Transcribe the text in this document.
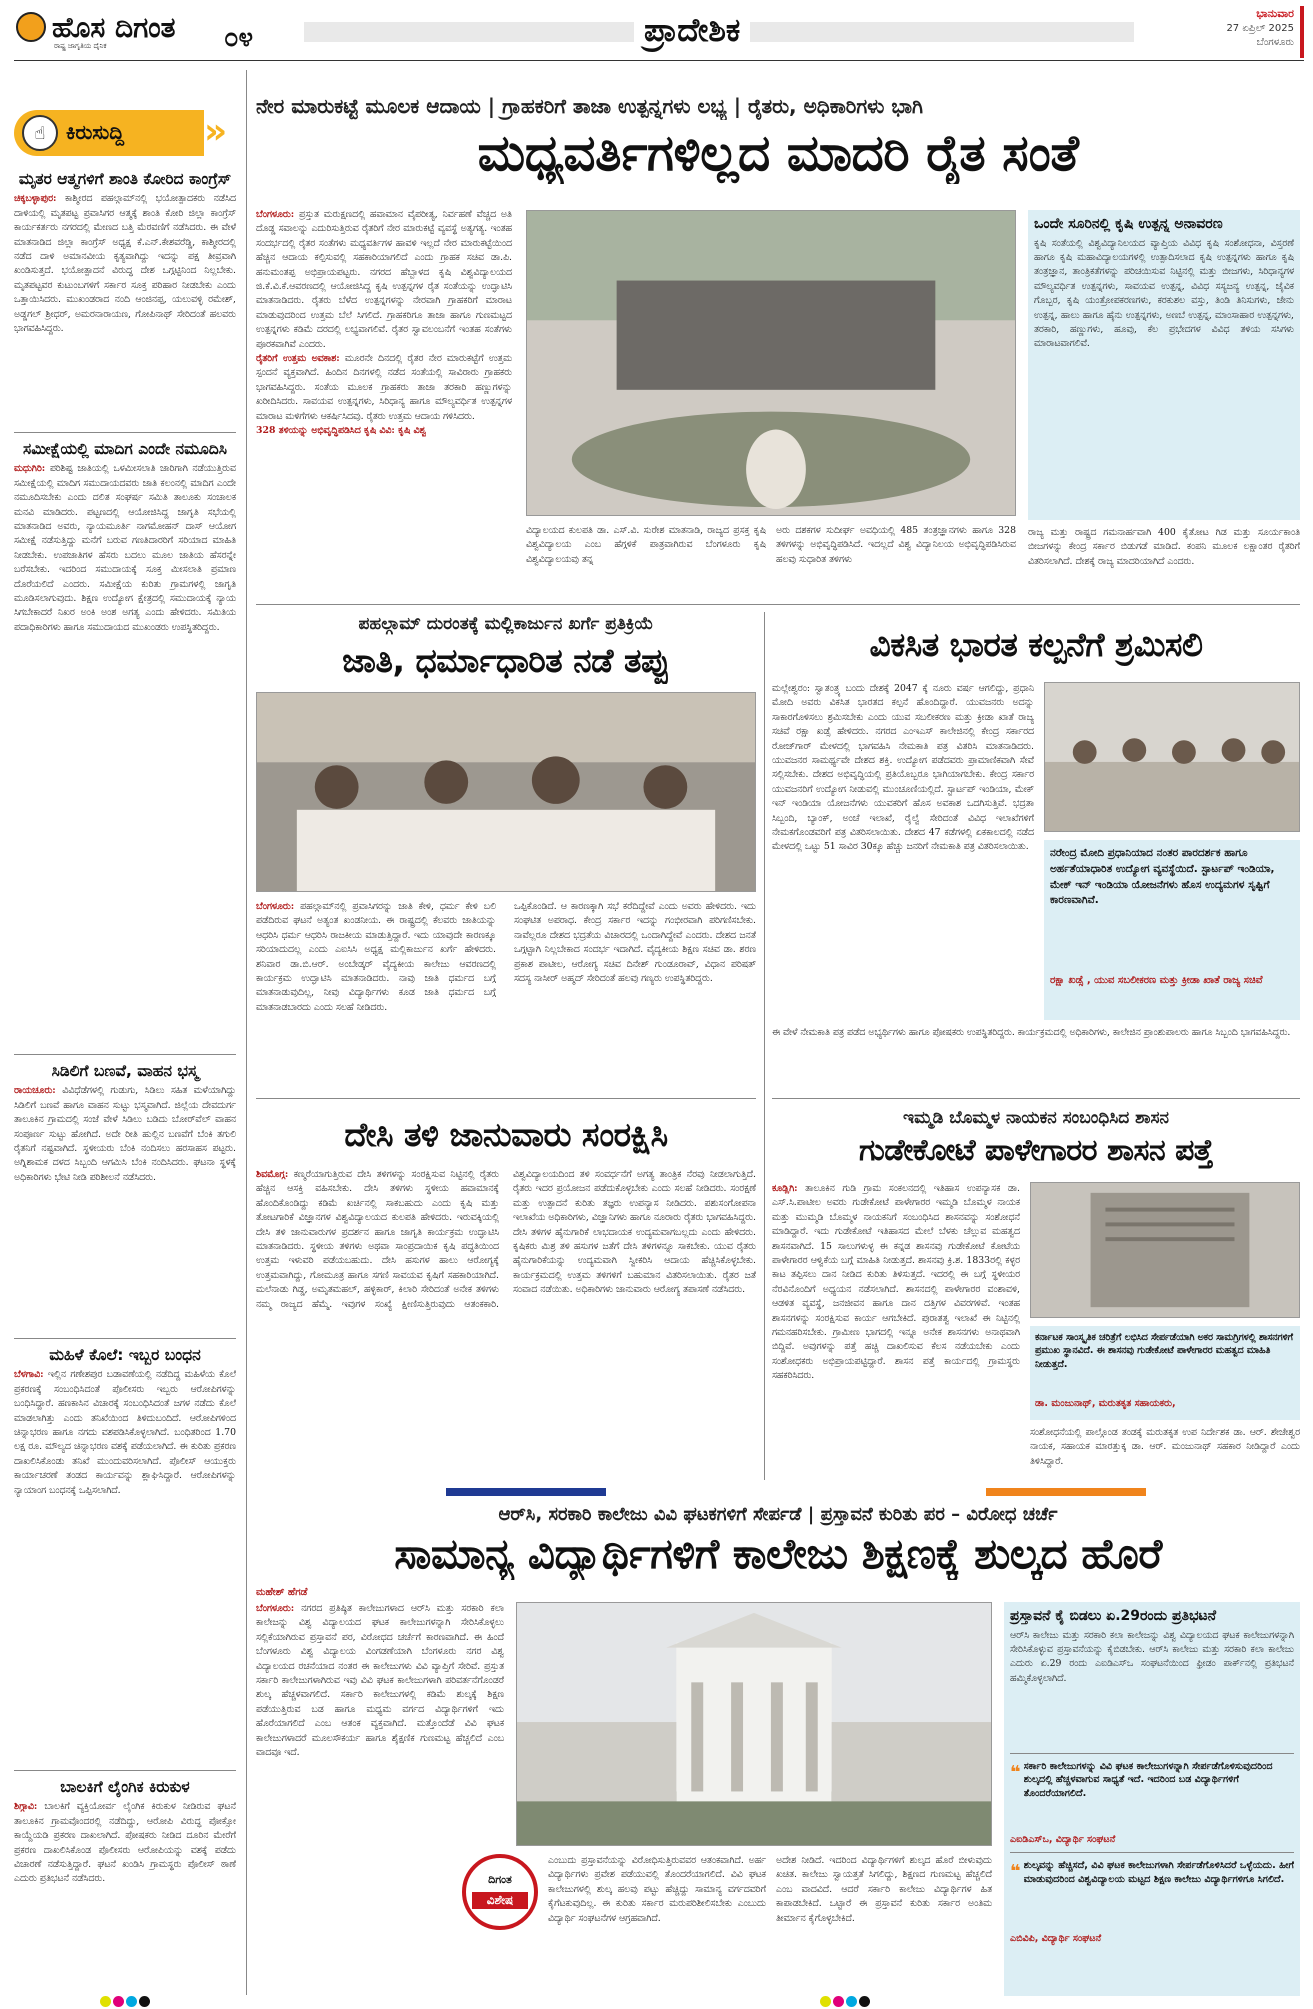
ಹೊಸ ದಿಗಂತ
ರಾಷ್ಟ್ರ ಜಾಗೃತಿಯ ದೈನಿಕ	೦೪	ಪ್ರಾದೇಶಿಕ	ಭಾನುವಾರ
27 ಏಪ್ರಿಲ್ 2025
ಬೆಂಗಳೂರು
☝	ಕಿರುಸುದ್ದಿ »
ಮೃತರ ಆತ್ಮಗಳಿಗೆ ಶಾಂತಿ ಕೋರಿದ ಕಾಂಗ್ರೆಸ್
ಚಿಕ್ಕಬಳ್ಳಾಪುರ: ಕಾಶ್ಮೀರದ ಪಹಲ್ಗಾಮ್‌ನಲ್ಲಿ ಭಯೋತ್ಪಾದಕರು ನಡೆಸಿದ ದಾಳಿಯಲ್ಲಿ ಮೃತಪಟ್ಟ ಪ್ರವಾಸಿಗರ ಆತ್ಮಕ್ಕೆ ಶಾಂತಿ ಕೋರಿ ಜಿಲ್ಲಾ ಕಾಂಗ್ರೆಸ್ ಕಾರ್ಯಕರ್ತರು ನಗರದಲ್ಲಿ ಮೇಣದ ಬತ್ತಿ ಮೆರವಣಿಗೆ ನಡೆಸಿದರು. ಈ ವೇಳೆ ಮಾತನಾಡಿದ ಜಿಲ್ಲಾ ಕಾಂಗ್ರೆಸ್ ಅಧ್ಯಕ್ಷ ಕೆ.ಎನ್.ಕೇಶವರೆಡ್ಡಿ, ಕಾಶ್ಮೀರದಲ್ಲಿ ನಡೆದ ದಾಳಿ ಅಮಾನವೀಯ ಕೃತ್ಯವಾಗಿದ್ದು ಇದನ್ನು ಪಕ್ಷ ತೀವ್ರವಾಗಿ ಖಂಡಿಸುತ್ತದೆ. ಭಯೋತ್ಪಾದನೆ ವಿರುದ್ಧ ದೇಶ ಒಗ್ಗಟ್ಟಿನಿಂದ ನಿಲ್ಲಬೇಕು. ಮೃತಪಟ್ಟವರ ಕುಟುಂಬಗಳಿಗೆ ಸರ್ಕಾರ ಸೂಕ್ತ ಪರಿಹಾರ ನೀಡಬೇಕು ಎಂದು ಒತ್ತಾಯಿಸಿದರು. ಮುಖಂಡರಾದ ನಂದಿ ಆಂಜಿನಪ್ಪ, ಯಲುವಳ್ಳಿ ರಮೇಶ್, ಅಡ್ಡಗಲ್ ಶ್ರೀಧರ್, ಅಮರನಾರಾಯಣ, ಗೋಪಿನಾಥ್ ಸೇರಿದಂತೆ ಹಲವರು ಭಾಗವಹಿಸಿದ್ದರು.
ಸಮೀಕ್ಷೆಯಲ್ಲಿ ಮಾದಿಗ ಎಂದೇ ನಮೂದಿಸಿ
ಮಧುಗಿರಿ: ಪರಿಶಿಷ್ಟ ಜಾತಿಯಲ್ಲಿ ಒಳಮೀಸಲಾತಿ ಜಾರಿಗಾಗಿ ನಡೆಯುತ್ತಿರುವ ಸಮೀಕ್ಷೆಯಲ್ಲಿ ಮಾದಿಗ ಸಮುದಾಯದವರು ಜಾತಿ ಕಲಂನಲ್ಲಿ ಮಾದಿಗ ಎಂದೇ ನಮೂದಿಸಬೇಕು ಎಂದು ದಲಿತ ಸಂಘರ್ಷ ಸಮಿತಿ ತಾಲೂಕು ಸಂಚಾಲಕ ಮನವಿ ಮಾಡಿದರು. ಪಟ್ಟಣದಲ್ಲಿ ಆಯೋಜಿಸಿದ್ದ ಜಾಗೃತಿ ಸಭೆಯಲ್ಲಿ ಮಾತನಾಡಿದ ಅವರು, ನ್ಯಾಯಮೂರ್ತಿ ನಾಗಮೋಹನ್ ದಾಸ್ ಆಯೋಗ ಸಮೀಕ್ಷೆ ನಡೆಸುತ್ತಿದ್ದು ಮನೆಗೆ ಬರುವ ಗಣತಿದಾರರಿಗೆ ಸರಿಯಾದ ಮಾಹಿತಿ ನೀಡಬೇಕು. ಉಪಜಾತಿಗಳ ಹೆಸರು ಬದಲು ಮೂಲ ಜಾತಿಯ ಹೆಸರನ್ನೇ ಬರೆಸಬೇಕು. ಇದರಿಂದ ಸಮುದಾಯಕ್ಕೆ ಸೂಕ್ತ ಮೀಸಲಾತಿ ಪ್ರಮಾಣ ದೊರೆಯಲಿದೆ ಎಂದರು. ಸಮೀಕ್ಷೆಯ ಕುರಿತು ಗ್ರಾಮಗಳಲ್ಲಿ ಜಾಗೃತಿ ಮೂಡಿಸಲಾಗುವುದು. ಶಿಕ್ಷಣ ಉದ್ಯೋಗ ಕ್ಷೇತ್ರದಲ್ಲಿ ಸಮುದಾಯಕ್ಕೆ ನ್ಯಾಯ ಸಿಗಬೇಕಾದರೆ ನಿಖರ ಅಂಕಿ ಅಂಶ ಅಗತ್ಯ ಎಂದು ಹೇಳಿದರು. ಸಮಿತಿಯ ಪದಾಧಿಕಾರಿಗಳು ಹಾಗೂ ಸಮುದಾಯದ ಮುಖಂಡರು ಉಪಸ್ಥಿತರಿದ್ದರು.
ಸಿಡಿಲಿಗೆ ಬಣವೆ, ವಾಹನ ಭಸ್ಮ
ರಾಯಚೂರು: ವಿವಿಧೆಡೆಗಳಲ್ಲಿ ಗುಡುಗು, ಸಿಡಿಲು ಸಹಿತ ಮಳೆಯಾಗಿದ್ದು ಸಿಡಿಲಿಗೆ ಬಣವೆ ಹಾಗೂ ವಾಹನ ಸುಟ್ಟು ಭಸ್ಮವಾಗಿದೆ. ಜಿಲ್ಲೆಯ ದೇವದುರ್ಗ ತಾಲೂಕಿನ ಗ್ರಾಮದಲ್ಲಿ ಸಂಜೆ ವೇಳೆ ಸಿಡಿಲು ಬಡಿದು ಬೋರ್‌ವೆಲ್ ವಾಹನ ಸಂಪೂರ್ಣ ಸುಟ್ಟು ಹೋಗಿದೆ. ಅದೇ ರೀತಿ ಹುಲ್ಲಿನ ಬಣವೆಗೆ ಬೆಂಕಿ ತಗುಲಿ ರೈತನಿಗೆ ನಷ್ಟವಾಗಿದೆ. ಸ್ಥಳೀಯರು ಬೆಂಕಿ ನಂದಿಸಲು ಹರಸಾಹಸ ಪಟ್ಟರು. ಅಗ್ನಿಶಾಮಕ ದಳದ ಸಿಬ್ಬಂದಿ ಆಗಮಿಸಿ ಬೆಂಕಿ ನಂದಿಸಿದರು. ಘಟನಾ ಸ್ಥಳಕ್ಕೆ ಅಧಿಕಾರಿಗಳು ಭೇಟಿ ನೀಡಿ ಪರಿಶೀಲನೆ ನಡೆಸಿದರು.
ಮಹಿಳೆ ಕೊಲೆ: ಇಬ್ಬರ ಬಂಧನ
ಬೆಳಗಾವಿ: ಇಲ್ಲಿನ ಗಣೇಶಪುರ ಬಡಾವಣೆಯಲ್ಲಿ ನಡೆದಿದ್ದ ಮಹಿಳೆಯ ಕೊಲೆ ಪ್ರಕರಣಕ್ಕೆ ಸಂಬಂಧಿಸಿದಂತೆ ಪೊಲೀಸರು ಇಬ್ಬರು ಆರೋಪಿಗಳನ್ನು ಬಂಧಿಸಿದ್ದಾರೆ. ಹಣಕಾಸಿನ ವಿಚಾರಕ್ಕೆ ಸಂಬಂಧಿಸಿದಂತೆ ಜಗಳ ನಡೆದು ಕೊಲೆ ಮಾಡಲಾಗಿತ್ತು ಎಂದು ತನಿಖೆಯಿಂದ ತಿಳಿದುಬಂದಿದೆ. ಆರೋಪಿಗಳಿಂದ ಚಿನ್ನಾಭರಣ ಹಾಗೂ ನಗದು ವಶಪಡಿಸಿಕೊಳ್ಳಲಾಗಿದೆ. ಬಂಧಿತರಿಂದ 1.70 ಲಕ್ಷ ರೂ. ಮೌಲ್ಯದ ಚಿನ್ನಾಭರಣ ವಶಕ್ಕೆ ಪಡೆಯಲಾಗಿದೆ. ಈ ಕುರಿತು ಪ್ರಕರಣ ದಾಖಲಿಸಿಕೊಂಡು ತನಿಖೆ ಮುಂದುವರಿಸಲಾಗಿದೆ. ಪೊಲೀಸ್ ಆಯುಕ್ತರು ಕಾರ್ಯಾಚರಣೆ ತಂಡದ ಕಾರ್ಯವನ್ನು ಶ್ಲಾಘಿಸಿದ್ದಾರೆ. ಆರೋಪಿಗಳನ್ನು ನ್ಯಾಯಾಂಗ ಬಂಧನಕ್ಕೆ ಒಪ್ಪಿಸಲಾಗಿದೆ.
ಬಾಲಕಿಗೆ ಲೈಂಗಿಕ ಕಿರುಕುಳ
ಶಿಗ್ಗಾವಿ: ಬಾಲಕಿಗೆ ವ್ಯಕ್ತಿಯೋರ್ವ ಲೈಂಗಿಕ ಕಿರುಕುಳ ನೀಡಿರುವ ಘಟನೆ ತಾಲೂಕಿನ ಗ್ರಾಮವೊಂದರಲ್ಲಿ ನಡೆದಿದ್ದು, ಆರೋಪಿ ವಿರುದ್ಧ ಪೋಕ್ಸೋ ಕಾಯ್ದೆಯಡಿ ಪ್ರಕರಣ ದಾಖಲಾಗಿದೆ. ಪೋಷಕರು ನೀಡಿದ ದೂರಿನ ಮೇರೆಗೆ ಪ್ರಕರಣ ದಾಖಲಿಸಿಕೊಂಡ ಪೊಲೀಸರು ಆರೋಪಿಯನ್ನು ವಶಕ್ಕೆ ಪಡೆದು ವಿಚಾರಣೆ ನಡೆಸುತ್ತಿದ್ದಾರೆ. ಘಟನೆ ಖಂಡಿಸಿ ಗ್ರಾಮಸ್ಥರು ಪೊಲೀಸ್ ಠಾಣೆ ಎದುರು ಪ್ರತಿಭಟನೆ ನಡೆಸಿದರು.
ನೇರ ಮಾರುಕಟ್ಟೆ ಮೂಲಕ ಆದಾಯ | ಗ್ರಾಹಕರಿಗೆ ತಾಜಾ ಉತ್ಪನ್ನಗಳು ಲಭ್ಯ | ರೈತರು, ಅಧಿಕಾರಿಗಳು ಭಾಗಿ
ಮಧ್ಯವರ್ತಿಗಳಿಲ್ಲದ ಮಾದರಿ ರೈತ ಸಂತೆ
ಬೆಂಗಳೂರು: ಪ್ರಸ್ತುತ ಮರುಕ್ಷಣದಲ್ಲಿ ಹವಾಮಾನ ವೈಪರೀತ್ಯ, ನಿರ್ವಹಣೆ ವೆಚ್ಚದ ಅತಿ ದೊಡ್ಡ ಸವಾಲನ್ನು ಎದುರಿಸುತ್ತಿರುವ ರೈತರಿಗೆ ನೇರ ಮಾರುಕಟ್ಟೆ ವ್ಯವಸ್ಥೆ ಅತ್ಯಗತ್ಯ. ಇಂತಹ ಸಂದರ್ಭದಲ್ಲಿ ರೈತರ ಸಂತೆಗಳು ಮಧ್ಯವರ್ತಿಗಳ ಹಾವಳಿ ಇಲ್ಲದೆ ನೇರ ಮಾರುಕಟ್ಟೆಯಿಂದ ಹೆಚ್ಚಿನ ಆದಾಯ ಕಲ್ಪಿಸುವಲ್ಲಿ ಸಹಕಾರಿಯಾಗಲಿದೆ ಎಂದು ಗ್ರಾಹಕ ಸಚಿವ ಡಾ.ಪಿ. ಹನುಮಂತಪ್ಪ ಅಭಿಪ್ರಾಯಪಟ್ಟರು. ನಗರದ ಹೆಬ್ಬಾಳದ ಕೃಷಿ ವಿಶ್ವವಿದ್ಯಾಲಯದ ಜಿ.ಕೆ.ವಿ.ಕೆ.ಆವರಣದಲ್ಲಿ ಆಯೋಜಿಸಿದ್ದ ಕೃಷಿ ಉತ್ಪನ್ನಗಳ ರೈತ ಸಂತೆಯನ್ನು ಉದ್ಘಾಟಿಸಿ ಮಾತನಾಡಿದರು. ರೈತರು ಬೆಳೆದ ಉತ್ಪನ್ನಗಳನ್ನು ನೇರವಾಗಿ ಗ್ರಾಹಕರಿಗೆ ಮಾರಾಟ ಮಾಡುವುದರಿಂದ ಉತ್ತಮ ಬೆಲೆ ಸಿಗಲಿದೆ. ಗ್ರಾಹಕರಿಗೂ ತಾಜಾ ಹಾಗೂ ಗುಣಮಟ್ಟದ ಉತ್ಪನ್ನಗಳು ಕಡಿಮೆ ದರದಲ್ಲಿ ಲಭ್ಯವಾಗಲಿವೆ. ರೈತರ ಸ್ವಾವಲಂಬನೆಗೆ ಇಂತಹ ಸಂತೆಗಳು ಪೂರಕವಾಗಿವೆ ಎಂದರು.
ರೈತರಿಗೆ ಉತ್ತಮ ಅವಕಾಶ: ಮೂರನೇ ದಿನದಲ್ಲಿ ರೈತರ ನೇರ ಮಾರುಕಟ್ಟೆಗೆ ಉತ್ತಮ ಸ್ಪಂದನೆ ವ್ಯಕ್ತವಾಗಿದೆ. ಹಿಂದಿನ ದಿನಗಳಲ್ಲಿ ನಡೆದ ಸಂತೆಯಲ್ಲಿ ಸಾವಿರಾರು ಗ್ರಾಹಕರು ಭಾಗವಹಿಸಿದ್ದರು. ಸಂತೆಯ ಮೂಲಕ ಗ್ರಾಹಕರು ತಾಜಾ ತರಕಾರಿ ಹಣ್ಣುಗಳನ್ನು ಖರೀದಿಸಿದರು. ಸಾವಯವ ಉತ್ಪನ್ನಗಳು, ಸಿರಿಧಾನ್ಯ ಹಾಗೂ ಮೌಲ್ಯವರ್ಧಿತ ಉತ್ಪನ್ನಗಳ ಮಾರಾಟ ಮಳಿಗೆಗಳು ಆಕರ್ಷಿಸಿದವು. ರೈತರು ಉತ್ತಮ ಆದಾಯ ಗಳಿಸಿದರು.
328 ತಳಿಯನ್ನು ಅಭಿವೃದ್ಧಿಪಡಿಸಿದ ಕೃಷಿ ವಿವಿ: ಕೃಷಿ ವಿಶ್ವ
ವಿದ್ಯಾಲಯದ ಕುಲಪತಿ ಡಾ. ಎಸ್.ವಿ. ಸುರೇಶ ಮಾತನಾಡಿ, ರಾಜ್ಯದ ಪ್ರಸಕ್ತ ಕೃಷಿ ವಿಶ್ವವಿದ್ಯಾಲಯ ಎಂಬ ಹೆಗ್ಗಳಿಕೆ ಪಾತ್ರವಾಗಿರುವ ಬೆಂಗಳೂರು ಕೃಷಿ ವಿಶ್ವವಿದ್ಯಾಲಯವು ತನ್ನ
ಅರು ದಶಕಗಳ ಸುದೀರ್ಘ ಅವಧಿಯಲ್ಲಿ 485 ತಂತ್ರಜ್ಞಾನಗಳು ಹಾಗೂ 328 ತಳಿಗಳನ್ನು ಅಭಿವೃದ್ಧಿಪಡಿಸಿದೆ. ಇದಲ್ಲದೆ ವಿಶ್ವ ವಿದ್ಯಾನಿಲಯ ಅಭಿವೃದ್ಧಿಪಡಿಸಿರುವ ಹಲವು ಸುಧಾರಿತ ತಳಿಗಳು
ಒಂದೇ ಸೂರಿನಲ್ಲಿ ಕೃಷಿ ಉತ್ಪನ್ನ ಅನಾವರಣ
ಕೃಷಿ ಸಂತೆಯಲ್ಲಿ ವಿಶ್ವವಿದ್ಯಾನಿಲಯದ ವ್ಯಾಪ್ತಿಯ ವಿವಿಧ ಕೃಷಿ ಸಂಶೋಧನಾ, ವಿಸ್ತರಣೆ ಹಾಗೂ ಕೃಷಿ ಮಹಾವಿದ್ಯಾಲಯಗಳಲ್ಲಿ ಉತ್ಪಾದಿಸಲಾದ ಕೃಷಿ ಉತ್ಪನ್ನಗಳು ಹಾಗೂ ಕೃಷಿ ತಂತ್ರಜ್ಞಾನ, ತಾಂತ್ರಿಕತೆಗಳನ್ನು ಪರಿಚಯಿಸುವ ನಿಟ್ಟಿನಲ್ಲಿ ಮತ್ತು ಬೀಜಗಳು, ಸಿರಿಧಾನ್ಯಗಳ ಮೌಲ್ಯವರ್ಧಿತ ಉತ್ಪನ್ನಗಳು, ಸಾವಯವ ಉತ್ಪನ್ನ, ವಿವಿಧ ಸಸ್ಯಜನ್ಯ ಉತ್ಪನ್ನ, ಜೈವಿಕ ಗೊಬ್ಬರ, ಕೃಷಿ ಯಂತ್ರೋಪಕರಣಗಳು, ಕರಕುಶಲ ವಸ್ತು, ತಿಂಡಿ ತಿನಿಸುಗಳು, ಜೇನು ಉತ್ಪನ್ನ, ಹಾಲು ಹಾಗೂ ಹೈನು ಉತ್ಪನ್ನಗಳು, ಅಣಬೆ ಉತ್ಪನ್ನ, ಮಾಂಸಾಹಾರ ಉತ್ಪನ್ನಗಳು, ತರಕಾರಿ, ಹಣ್ಣುಗಳು, ಹೂವು, ಕೆಲ ಪ್ರಭೇದಗಳ ವಿವಿಧ ತಳಿಯ ಸಸಿಗಳು ಮಾರಾಟವಾಗಲಿವೆ.
ರಾಜ್ಯ ಮತ್ತು ರಾಷ್ಟ್ರದ ಗಮನಾರ್ಹವಾಗಿ 400 ಕೈತೋಟ ಗಿಡ ಮತ್ತು ಸೂರ್ಯಕಾಂತಿ ಬೀಜಗಳನ್ನು ಕೇಂದ್ರ ಸರ್ಕಾರ ಬಿಡುಗಡೆ ಮಾಡಿದೆ. ಕಂಪನಿ ಮೂಲಕ ಲಕ್ಷಾಂತರ ರೈತರಿಗೆ ವಿತರಿಸಲಾಗಿದೆ. ದೇಶಕ್ಕೆ ರಾಜ್ಯ ಮಾದರಿಯಾಗಿದೆ ಎಂದರು.
ಪಹಲ್ಗಾಮ್ ದುರಂತಕ್ಕೆ ಮಲ್ಲಿಕಾರ್ಜುನ ಖರ್ಗೆ ಪ್ರತಿಕ್ರಿಯೆ
ಜಾತಿ, ಧರ್ಮಾಧಾರಿತ ನಡೆ ತಪ್ಪು
ಬೆಂಗಳೂರು: ಪಹಲ್ಗಾಮ್‌ನಲ್ಲಿ ಪ್ರವಾಸಿಗರನ್ನು ಜಾತಿ ಕೇಳಿ, ಧರ್ಮ ಕೇಳಿ ಬಲಿ ಪಡೆದಿರುವ ಘಟನೆ ಅತ್ಯಂತ ಖಂಡನೀಯ. ಈ ರಾಷ್ಟ್ರದಲ್ಲಿ ಕೆಲವರು ಜಾತಿಯನ್ನು ಆಧರಿಸಿ ಧರ್ಮ ಆಧರಿಸಿ ರಾಜಕೀಯ ಮಾಡುತ್ತಿದ್ದಾರೆ. ಇದು ಯಾವುದೇ ಕಾರಣಕ್ಕೂ ಸರಿಯಾದುದಲ್ಲ ಎಂದು ಎಐಸಿಸಿ ಅಧ್ಯಕ್ಷ ಮಲ್ಲಿಕಾರ್ಜುನ ಖರ್ಗೆ ಹೇಳಿದರು. ಶನಿವಾರ ಡಾ.ಬಿ.ಆರ್. ಅಂಬೇಡ್ಕರ್ ವೈದ್ಯಕೀಯ ಕಾಲೇಜು ಆವರಣದಲ್ಲಿ ಕಾರ್ಯಕ್ರಮ ಉದ್ಘಾಟಿಸಿ ಮಾತನಾಡಿದರು. ನಾವು ಜಾತಿ ಧರ್ಮದ ಬಗ್ಗೆ ಮಾತನಾಡುವುದಿಲ್ಲ, ನೀವು ವಿದ್ಯಾರ್ಥಿಗಳು ಕೂಡ ಜಾತಿ ಧರ್ಮದ ಬಗ್ಗೆ ಮಾತನಾಡಬಾರದು ಎಂದು ಸಲಹೆ ನೀಡಿದರು.
ಒಪ್ಪಿಕೊಂಡಿದೆ. ಆ ಕಾರಣಕ್ಕಾಗಿ ಸಭೆ ಕರೆದಿದ್ದೇವೆ ಎಂದು ಅವರು ಹೇಳಿದರು. ಇದು ಸಂಘಟಿತ ಅಪರಾಧ. ಕೇಂದ್ರ ಸರ್ಕಾರ ಇದನ್ನು ಗಂಭೀರವಾಗಿ ಪರಿಗಣಿಸಬೇಕು. ನಾವೆಲ್ಲರೂ ದೇಶದ ಭದ್ರತೆಯ ವಿಚಾರದಲ್ಲಿ ಒಂದಾಗಿದ್ದೇವೆ ಎಂದರು. ದೇಶದ ಜನತೆ ಒಗ್ಗಟ್ಟಾಗಿ ನಿಲ್ಲಬೇಕಾದ ಸಂದರ್ಭ ಇದಾಗಿದೆ. ವೈದ್ಯಕೀಯ ಶಿಕ್ಷಣ ಸಚಿವ ಡಾ. ಶರಣ ಪ್ರಕಾಶ ಪಾಟೀಲ, ಆರೋಗ್ಯ ಸಚಿವ ದಿನೇಶ್ ಗುಂಡೂರಾವ್, ವಿಧಾನ ಪರಿಷತ್ ಸದಸ್ಯ ನಾಸೀರ್ ಅಹ್ಮದ್ ಸೇರಿದಂತೆ ಹಲವು ಗಣ್ಯರು ಉಪಸ್ಥಿತರಿದ್ದರು.
ವಿಕಸಿತ ಭಾರತ ಕಲ್ಪನೆಗೆ ಶ್ರಮಿಸಲಿ
ಮಲ್ಲೇಶ್ವರಂ: ಸ್ವಾತಂತ್ರ್ಯ ಬಂದು ದೇಶಕ್ಕೆ 2047 ಕ್ಕೆ ನೂರು ವರ್ಷ ಆಗಲಿದ್ದು, ಪ್ರಧಾನಿ ಮೋದಿ ಅವರು ವಿಕಸಿತ ಭಾರತದ ಕಲ್ಪನೆ ಹೊಂದಿದ್ದಾರೆ. ಯುವಜನರು ಅದನ್ನು ಸಾಕಾರಗೊಳಿಸಲು ಶ್ರಮಿಸಬೇಕು ಎಂದು ಯುವ ಸಬಲೀಕರಣ ಮತ್ತು ಕ್ರೀಡಾ ಖಾತೆ ರಾಜ್ಯ ಸಚಿವೆ ರಕ್ಷಾ ಖಡ್ಸೆ ಹೇಳಿದರು. ನಗರದ ಎಂಇಎಸ್ ಕಾಲೇಜಿನಲ್ಲಿ ಕೇಂದ್ರ ಸರ್ಕಾರದ ರೋಜ್‌ಗಾರ್ ಮೇಳದಲ್ಲಿ ಭಾಗವಹಿಸಿ ನೇಮಕಾತಿ ಪತ್ರ ವಿತರಿಸಿ ಮಾತನಾಡಿದರು. ಯುವಜನರ ಸಾಮರ್ಥ್ಯವೇ ದೇಶದ ಶಕ್ತಿ. ಉದ್ಯೋಗ ಪಡೆದವರು ಪ್ರಾಮಾಣಿಕವಾಗಿ ಸೇವೆ ಸಲ್ಲಿಸಬೇಕು. ದೇಶದ ಅಭಿವೃದ್ಧಿಯಲ್ಲಿ ಪ್ರತಿಯೊಬ್ಬರೂ ಭಾಗಿಯಾಗಬೇಕು. ಕೇಂದ್ರ ಸರ್ಕಾರ ಯುವಜನರಿಗೆ ಉದ್ಯೋಗ ನೀಡುವಲ್ಲಿ ಮುಂಚೂಣಿಯಲ್ಲಿದೆ. ಸ್ಟಾರ್ಟಪ್ ಇಂಡಿಯಾ, ಮೇಕ್ ಇನ್ ಇಂಡಿಯಾ ಯೋಜನೆಗಳು ಯುವಕರಿಗೆ ಹೊಸ ಅವಕಾಶ ಒದಗಿಸುತ್ತಿವೆ. ಭದ್ರತಾ ಸಿಬ್ಬಂದಿ, ಬ್ಯಾಂಕ್, ಅಂಚೆ ಇಲಾಖೆ, ರೈಲ್ವೆ ಸೇರಿದಂತೆ ವಿವಿಧ ಇಲಾಖೆಗಳಿಗೆ ನೇಮಕಗೊಂಡವರಿಗೆ ಪತ್ರ ವಿತರಿಸಲಾಯಿತು. ದೇಶದ 47 ಕಡೆಗಳಲ್ಲಿ ಏಕಕಾಲದಲ್ಲಿ ನಡೆದ ಮೇಳದಲ್ಲಿ ಒಟ್ಟು 51 ಸಾವಿರ 30ಕ್ಕೂ ಹೆಚ್ಚು ಜನರಿಗೆ ನೇಮಕಾತಿ ಪತ್ರ ವಿತರಿಸಲಾಯಿತು.
ನರೇಂದ್ರ ಮೋದಿ ಪ್ರಧಾನಿಯಾದ ನಂತರ ಪಾರದರ್ಶಕ ಹಾಗೂ ಅರ್ಹತೆಯಾಧಾರಿತ ಉದ್ಯೋಗ ವ್ಯವಸ್ಥೆಯಿದೆ. ಸ್ಟಾರ್ಟಪ್ ಇಂಡಿಯಾ, ಮೇಕ್ ಇನ್ ಇಂಡಿಯಾ ಯೋಜನೆಗಳು ಹೊಸ ಉದ್ಯಮಗಳ ಸೃಷ್ಟಿಗೆ ಕಾರಣವಾಗಿವೆ.
ರಕ್ಷಾ ಖಡ್ಸೆ , ಯುವ ಸಬಲೀಕರಣ ಮತ್ತು ಕ್ರೀಡಾ ಖಾತೆ ರಾಜ್ಯ ಸಚಿವೆ
ಈ ವೇಳೆ ನೇಮಕಾತಿ ಪತ್ರ ಪಡೆದ ಅಭ್ಯರ್ಥಿಗಳು ಹಾಗೂ ಪೋಷಕರು ಉಪಸ್ಥಿತರಿದ್ದರು. ಕಾರ್ಯಕ್ರಮದಲ್ಲಿ ಅಧಿಕಾರಿಗಳು, ಕಾಲೇಜಿನ ಪ್ರಾಂಶುಪಾಲರು ಹಾಗೂ ಸಿಬ್ಬಂದಿ ಭಾಗವಹಿಸಿದ್ದರು.
ದೇಸಿ ತಳಿ ಜಾನುವಾರು ಸಂರಕ್ಷಿಸಿ
ಶಿವಮೊಗ್ಗ: ಕಣ್ಮರೆಯಾಗುತ್ತಿರುವ ದೇಸಿ ತಳಿಗಳನ್ನು ಸಂರಕ್ಷಿಸುವ ನಿಟ್ಟಿನಲ್ಲಿ ರೈತರು ಹೆಚ್ಚಿನ ಆಸಕ್ತಿ ವಹಿಸಬೇಕು. ದೇಸಿ ತಳಿಗಳು ಸ್ಥಳೀಯ ಹವಾಮಾನಕ್ಕೆ ಹೊಂದಿಕೊಂಡಿದ್ದು ಕಡಿಮೆ ಖರ್ಚಿನಲ್ಲಿ ಸಾಕಬಹುದು ಎಂದು ಕೃಷಿ ಮತ್ತು ತೋಟಗಾರಿಕೆ ವಿಜ್ಞಾನಗಳ ವಿಶ್ವವಿದ್ಯಾಲಯದ ಕುಲಪತಿ ಹೇಳಿದರು. ಇರುವಕ್ಕಿಯಲ್ಲಿ ದೇಸಿ ತಳಿ ಜಾನುವಾರುಗಳ ಪ್ರದರ್ಶನ ಹಾಗೂ ಜಾಗೃತಿ ಕಾರ್ಯಕ್ರಮ ಉದ್ಘಾಟಿಸಿ ಮಾತನಾಡಿದರು. ಸ್ಥಳೀಯ ತಳಿಗಳು ಅಥವಾ ಸಾಂಪ್ರದಾಯಿಕ ಕೃಷಿ ಪದ್ಧತಿಯಿಂದ ಉತ್ತಮ ಇಳುವರಿ ಪಡೆಯಬಹುದು. ದೇಸಿ ಹಸುಗಳ ಹಾಲು ಆರೋಗ್ಯಕ್ಕೆ ಉತ್ತಮವಾಗಿದ್ದು, ಗೋಮೂತ್ರ ಹಾಗೂ ಸಗಣಿ ಸಾವಯವ ಕೃಷಿಗೆ ಸಹಕಾರಿಯಾಗಿದೆ. ಮಲೆನಾಡು ಗಿಡ್ಡ, ಅಮೃತಮಹಲ್, ಹಳ್ಳಿಕಾರ್, ಕಿಲಾರಿ ಸೇರಿದಂತೆ ಅನೇಕ ತಳಿಗಳು ನಮ್ಮ ರಾಜ್ಯದ ಹೆಮ್ಮೆ. ಇವುಗಳ ಸಂಖ್ಯೆ ಕ್ಷೀಣಿಸುತ್ತಿರುವುದು ಆತಂಕಕಾರಿ. ವಿಶ್ವವಿದ್ಯಾಲಯದಿಂದ ತಳಿ ಸಂವರ್ಧನೆಗೆ ಅಗತ್ಯ ತಾಂತ್ರಿಕ ನೆರವು ನೀಡಲಾಗುತ್ತಿದೆ. ರೈತರು ಇದರ ಪ್ರಯೋಜನ ಪಡೆದುಕೊಳ್ಳಬೇಕು ಎಂದು ಸಲಹೆ ನೀಡಿದರು. ಸಂರಕ್ಷಣೆ ಮತ್ತು ಉತ್ಪಾದನೆ ಕುರಿತು ತಜ್ಞರು ಉಪನ್ಯಾಸ ನೀಡಿದರು. ಪಶುಸಂಗೋಪನಾ ಇಲಾಖೆಯ ಅಧಿಕಾರಿಗಳು, ವಿಜ್ಞಾನಿಗಳು ಹಾಗೂ ನೂರಾರು ರೈತರು ಭಾಗವಹಿಸಿದ್ದರು. ದೇಸಿ ತಳಿಗಳ ಹೈನುಗಾರಿಕೆ ಲಾಭದಾಯಕ ಉದ್ಯಮವಾಗಬಲ್ಲದು ಎಂದು ಹೇಳಿದರು. ಕೃಷಿಕರು ಮಿಶ್ರ ತಳಿ ಹಸುಗಳ ಜತೆಗೆ ದೇಸಿ ತಳಿಗಳನ್ನೂ ಸಾಕಬೇಕು. ಯುವ ರೈತರು ಹೈನುಗಾರಿಕೆಯನ್ನು ಉದ್ಯಮವಾಗಿ ಸ್ವೀಕರಿಸಿ ಆದಾಯ ಹೆಚ್ಚಿಸಿಕೊಳ್ಳಬೇಕು. ಕಾರ್ಯಕ್ರಮದಲ್ಲಿ ಉತ್ತಮ ತಳಿಗಳಿಗೆ ಬಹುಮಾನ ವಿತರಿಸಲಾಯಿತು. ರೈತರ ಜತೆ ಸಂವಾದ ನಡೆಯಿತು. ಅಧಿಕಾರಿಗಳು ಜಾನುವಾರು ಆರೋಗ್ಯ ತಪಾಸಣೆ ನಡೆಸಿದರು.
ಇಮ್ಮಡಿ ಬೊಮ್ಮಳ ನಾಯಕನ ಸಂಬಂಧಿಸಿದ ಶಾಸನ
ಗುಡೇಕೋಟೆ ಪಾಳೇಗಾರರ ಶಾಸನ ಪತ್ತೆ
ಕೂಡ್ಲಿಗಿ: ತಾಲೂಕಿನ ಗುಡಿ ಗ್ರಾಮ ಸಂಕಲನದಲ್ಲಿ ಇತಿಹಾಸ ಉಪನ್ಯಾಸಕ ಡಾ. ಎಸ್.ಸಿ.ಪಾಟೀಲ ಅವರು ಗುಡೇಕೋಟೆ ಪಾಳೇಗಾರರ ಇಮ್ಮಡಿ ಬೊಮ್ಮಳ ನಾಯಕ ಮತ್ತು ಮುಮ್ಮಡಿ ಬೊಮ್ಮಳ ನಾಯಕನಿಗೆ ಸಂಬಂಧಿಸಿದ ಶಾಸನವನ್ನು ಸಂಶೋಧನೆ ಮಾಡಿದ್ದಾರೆ. ಇದು ಗುಡೇಕೋಟೆ ಇತಿಹಾಸದ ಮೇಲೆ ಬೆಳಕು ಚೆಲ್ಲುವ ಮಹತ್ವದ ಶಾಸನವಾಗಿದೆ. 15 ಸಾಲುಗಳುಳ್ಳ ಈ ಕನ್ನಡ ಶಾಸನವು ಗುಡೇಕೋಟೆ ಕೋಟೆಯ ಪಾಳೇಗಾರರ ಆಳ್ವಿಕೆಯ ಬಗ್ಗೆ ಮಾಹಿತಿ ನೀಡುತ್ತದೆ. ಶಾಸನವು ಕ್ರಿ.ಶ. 1833ರಲ್ಲಿ ಕಳ್ಳರ ಕಾಟ ತಪ್ಪಿಸಲು ದಾನ ನೀಡಿದ ಕುರಿತು ತಿಳಿಸುತ್ತದೆ. ಇದರಲ್ಲಿ ಈ ಬಗ್ಗೆ ಸ್ಥಳೀಯರ ನೆರವಿನೊಂದಿಗೆ ಅಧ್ಯಯನ ನಡೆಸಲಾಗಿದೆ. ಶಾಸನದಲ್ಲಿ ಪಾಳೇಗಾರರ ವಂಶಾವಳಿ, ಆಡಳಿತ ವ್ಯವಸ್ಥೆ, ಜನಜೀವನ ಹಾಗೂ ದಾನ ದತ್ತಿಗಳ ವಿವರಗಳಿವೆ. ಇಂತಹ ಶಾಸನಗಳನ್ನು ಸಂರಕ್ಷಿಸುವ ಕಾರ್ಯ ಆಗಬೇಕಿದೆ. ಪುರಾತತ್ವ ಇಲಾಖೆ ಈ ನಿಟ್ಟಿನಲ್ಲಿ ಗಮನಹರಿಸಬೇಕು. ಗ್ರಾಮೀಣ ಭಾಗದಲ್ಲಿ ಇನ್ನೂ ಅನೇಕ ಶಾಸನಗಳು ಅನಾಥವಾಗಿ ಬಿದ್ದಿವೆ. ಅವುಗಳನ್ನು ಪತ್ತೆ ಹಚ್ಚಿ ದಾಖಲಿಸುವ ಕೆಲಸ ನಡೆಯಬೇಕು ಎಂದು ಸಂಶೋಧಕರು ಅಭಿಪ್ರಾಯಪಟ್ಟಿದ್ದಾರೆ. ಶಾಸನ ಪತ್ತೆ ಕಾರ್ಯದಲ್ಲಿ ಗ್ರಾಮಸ್ಥರು ಸಹಕರಿಸಿದರು.
ಕರ್ನಾಟಕ ಸಾಂಸ್ಕೃತಿಕ ಚರಿತ್ರೆಗೆ ಲಭಿಸಿದ ಸೇರ್ಪಡೆಯಾಗಿ ಅಕರ ಸಾಮಗ್ರಿಗಳಲ್ಲಿ ಶಾಸನಗಳಿಗೆ ಪ್ರಮುಖ ಸ್ಥಾನವಿದೆ. ಈ ಶಾಸನವು ಗುಡೇಕೋಟೆ ಪಾಳೇಗಾರರ ಮಹತ್ವದ ಮಾಹಿತಿ ನೀಡುತ್ತದೆ.
ಡಾ. ಮಂಜುನಾಥ್, ಮರುತಕೃತ ಸಹಾಯಕರು,
ಸಂಶೋಧನೆಯಲ್ಲಿ ಪಾಲ್ಗೊಂಡ ತಂಡಕ್ಕೆ ಮರುತಕೃತ ಉಪ ನಿರ್ದೇಶಕ ಡಾ. ಆರ್. ಶೇಜೇಶ್ವರ ನಾಯಕ, ಸಹಾಯಕ ಮಾರತ್ತುಕ್ಕ ಡಾ. ಆರ್. ಮಂಜುನಾಥ್ ಸಹಕಾರ ನೀಡಿದ್ದಾರೆ ಎಂದು ತಿಳಿಸಿದ್ದಾರೆ.
ಆರ್‌ಸಿ, ಸರಕಾರಿ ಕಾಲೇಜು ವಿವಿ ಘಟಕಗಳಿಗೆ ಸೇರ್ಪಡೆ | ಪ್ರಸ್ತಾವನೆ ಕುರಿತು ಪರ – ವಿರೋಧ ಚರ್ಚೆ
ಸಾಮಾನ್ಯ ವಿದ್ಯಾರ್ಥಿಗಳಿಗೆ ಕಾಲೇಜು ಶಿಕ್ಷಣಕ್ಕೆ ಶುಲ್ಕದ ಹೊರೆ
ಮಹೇಶ್ ಹೆಗಡೆ
ಬೆಂಗಳೂರು: ನಗರದ ಪ್ರತಿಷ್ಠಿತ ಕಾಲೇಜುಗಳಾದ ಆರ್‌ಸಿ ಮತ್ತು ಸರಕಾರಿ ಕಲಾ ಕಾಲೇಜನ್ನು ವಿಶ್ವ ವಿದ್ಯಾಲಯದ ಘಟಕ ಕಾಲೇಜುಗಳನ್ನಾಗಿ ಸೇರಿಸಿಕೊಳ್ಳಲು ಸಲ್ಲಿಕೆಯಾಗಿರುವ ಪ್ರಸ್ತಾವನೆ ಪರ, ವಿರೋಧದ ಚರ್ಚೆಗೆ ಕಾರಣವಾಗಿದೆ. ಈ ಹಿಂದೆ ಬೆಂಗಳೂರು ವಿಶ್ವ ವಿದ್ಯಾಲಯ ವಿಂಗಡಣೆಯಾಗಿ ಬೆಂಗಳೂರು ನಗರ ವಿಶ್ವ ವಿದ್ಯಾಲಯದ ರಚನೆಯಾದ ನಂತರ ಈ ಕಾಲೇಜುಗಳು ವಿವಿ ವ್ಯಾಪ್ತಿಗೆ ಸೇರಿವೆ. ಪ್ರಸ್ತುತ ಸರ್ಕಾರಿ ಕಾಲೇಜುಗಳಾಗಿರುವ ಇವು ವಿವಿ ಘಟಕ ಕಾಲೇಜುಗಳಾಗಿ ಪರಿವರ್ತನೆಗೊಂಡರೆ ಶುಲ್ಕ ಹೆಚ್ಚಳವಾಗಲಿದೆ. ಸರ್ಕಾರಿ ಕಾಲೇಜುಗಳಲ್ಲಿ ಕಡಿಮೆ ಶುಲ್ಕಕ್ಕೆ ಶಿಕ್ಷಣ ಪಡೆಯುತ್ತಿರುವ ಬಡ ಹಾಗೂ ಮಧ್ಯಮ ವರ್ಗದ ವಿದ್ಯಾರ್ಥಿಗಳಿಗೆ ಇದು ಹೊರೆಯಾಗಲಿದೆ ಎಂಬ ಆತಂಕ ವ್ಯಕ್ತವಾಗಿದೆ. ಮತ್ತೊಂದೆಡೆ ವಿವಿ ಘಟಕ ಕಾಲೇಜುಗಳಾದರೆ ಮೂಲಸೌಕರ್ಯ ಹಾಗೂ ಶೈಕ್ಷಣಿಕ ಗುಣಮಟ್ಟ ಹೆಚ್ಚಲಿದೆ ಎಂಬ ವಾದವೂ ಇದೆ.
ದಿಗಂತ
ವಿಶೇಷ
ಎಂಬುದು ಪ್ರಸ್ತಾವನೆಯನ್ನು ವಿರೋಧಿಸುತ್ತಿರುವವರ ಆತಂಕವಾಗಿದೆ. ಅರ್ಹ ವಿದ್ಯಾರ್ಥಿಗಳು ಪ್ರವೇಶ ಪಡೆಯುವಲ್ಲಿ ತೊಂದರೆಯಾಗಲಿದೆ. ವಿವಿ ಘಟಕ ಕಾಲೇಜುಗಳಲ್ಲಿ ಶುಲ್ಕ ಹಲವು ಪಟ್ಟು ಹೆಚ್ಚಿದ್ದು ಸಾಮಾನ್ಯ ವರ್ಗದವರಿಗೆ ಕೈಗೆಟಕುವುದಿಲ್ಲ. ಈ ಕುರಿತು ಸರ್ಕಾರ ಮರುಪರಿಶೀಲಿಸಬೇಕು ಎಂಬುದು ವಿದ್ಯಾರ್ಥಿ ಸಂಘಟನೆಗಳ ಆಗ್ರಹವಾಗಿದೆ.
ಅದೇಶ ನೀಡಿದೆ. ಇದರಿಂದ ವಿದ್ಯಾರ್ಥಿಗಳಿಗೆ ಶುಲ್ಕದ ಹೊರೆ ಬೀಳುವುದು ಖಚಿತ. ಕಾಲೇಜು ಸ್ವಾಯತ್ತತೆ ಸಿಗಲಿದ್ದು, ಶಿಕ್ಷಣದ ಗುಣಮಟ್ಟ ಹೆಚ್ಚಲಿದೆ ಎಂಬ ವಾದವಿದೆ. ಆದರೆ ಸರ್ಕಾರಿ ಕಾಲೇಜು ವಿದ್ಯಾರ್ಥಿಗಳ ಹಿತ ಕಾಪಾಡಬೇಕಿದೆ. ಒಟ್ಟಾರೆ ಈ ಪ್ರಸ್ತಾವನೆ ಕುರಿತು ಸರ್ಕಾರ ಅಂತಿಮ ತೀರ್ಮಾನ ಕೈಗೊಳ್ಳಬೇಕಿದೆ.
ಪ್ರಸ್ತಾವನೆ ಕೈ ಬಿಡಲು ಏ.29ರಂದು ಪ್ರತಿಭಟನೆ
ಆರ್‌ಸಿ ಕಾಲೇಜು ಮತ್ತು ಸರಕಾರಿ ಕಲಾ ಕಾಲೇಜನ್ನು ವಿಶ್ವ ವಿದ್ಯಾಲಯದ ಘಟಕ ಕಾಲೇಜುಗಳನ್ನಾಗಿ ಸೇರಿಸಿಕೊಳ್ಳುವ ಪ್ರಸ್ತಾವನೆಯನ್ನು ಕೈಬಿಡಬೇಕು. ಆರ್‌ಸಿ ಕಾಲೇಜು ಮತ್ತು ಸರಕಾರಿ ಕಲಾ ಕಾಲೇಜು ಎದುರು ಏ.29 ರಂದು ಎಐಡಿಎಸ್‌ಒ ಸಂಘಟನೆಯಿಂದ ಫ್ರೀಡಂ ಪಾರ್ಕ್‌ನಲ್ಲಿ ಪ್ರತಿಭಟನೆ ಹಮ್ಮಿಕೊಳ್ಳಲಾಗಿದೆ.
❝ ಸರ್ಕಾರಿ ಕಾಲೇಜುಗಳನ್ನು ವಿವಿ ಘಟಕ ಕಾಲೇಜುಗಳನ್ನಾಗಿ ಸೇರ್ಪಡೆಗೊಳಿಸುವುದರಿಂದ ಶುಲ್ಕದಲ್ಲಿ ಹೆಚ್ಚಳವಾಗುವ ಸಾಧ್ಯತೆ ಇದೆ. ಇದರಿಂದ ಬಡ ವಿದ್ಯಾರ್ಥಿಗಳಿಗೆ ತೊಂದರೆಯಾಗಲಿದೆ.
ಎಐಡಿಎಸ್‌ಒ, ವಿದ್ಯಾರ್ಥಿ ಸಂಘಟನೆ
❝ ಶುಲ್ಕವನ್ನು ಹೆಚ್ಚಿಸದೆ, ವಿವಿ ಘಟಕ ಕಾಲೇಜುಗಳಾಗಿ ಸೇರ್ಪಡೆಗೊಳಿಸಿದರೆ ಒಳ್ಳೆಯದು. ಹೀಗೆ ಮಾಡುವುದರಿಂದ ವಿಶ್ವವಿದ್ಯಾಲಯ ಮಟ್ಟದ ಶಿಕ್ಷಣ ಕಾಲೇಜು ವಿದ್ಯಾರ್ಥಿಗಳಿಗೂ ಸಿಗಲಿದೆ.
ಎಬಿವಿಪಿ, ವಿದ್ಯಾರ್ಥಿ ಸಂಘಟನೆ
